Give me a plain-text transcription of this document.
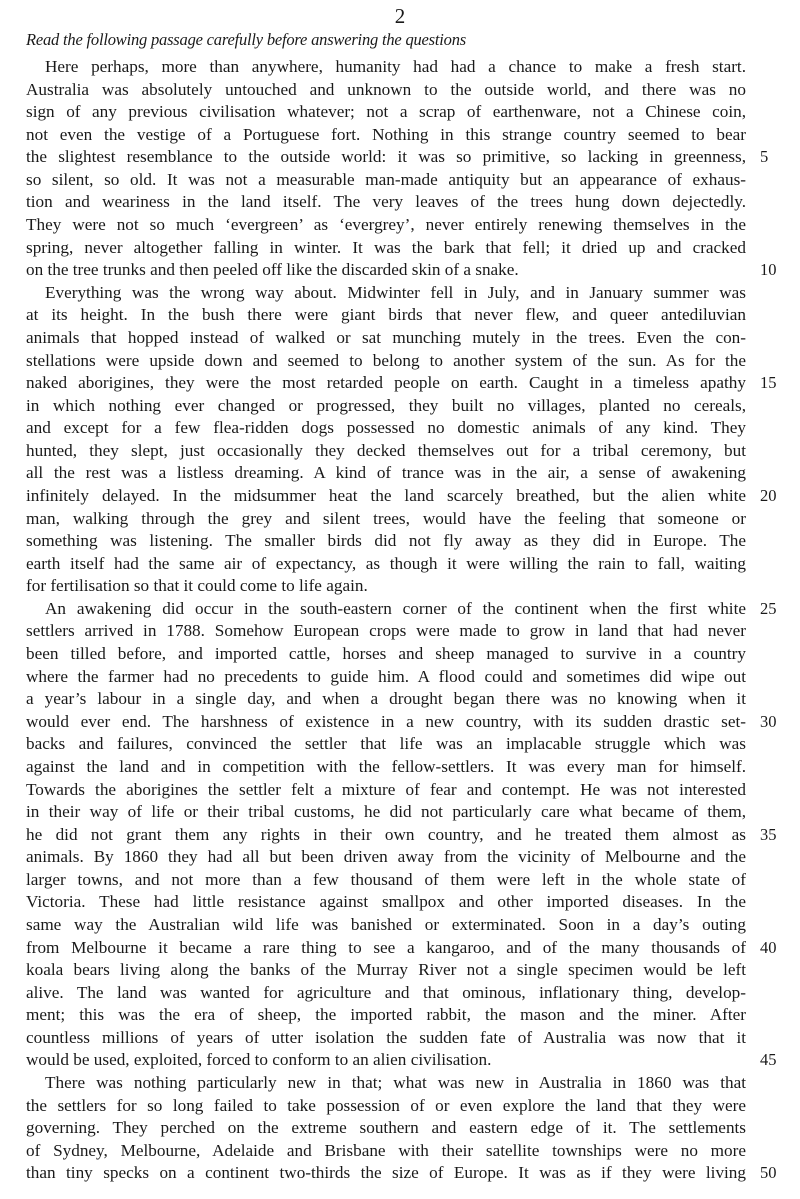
2
Read the following passage carefully before answering the questions
Here perhaps, more than anywhere, humanity had had a chance to make a fresh start.
Australia was absolutely untouched and unknown to the outside world, and there was no
sign of any previous civilisation whatever; not a scrap of earthenware, not a Chinese coin,
not even the vestige of a Portuguese fort. Nothing in this strange country seemed to bear
the slightest resemblance to the outside world: it was so primitive, so lacking in greenness, 5
so silent, so old. It was not a measurable man-made antiquity but an appearance of exhaus-
tion and weariness in the land itself. The very leaves of the trees hung down dejectedly.
They were not so much ‘evergreen’ as ‘evergrey’, never entirely renewing themselves in the
spring, never altogether falling in winter. It was the bark that fell; it dried up and cracked
on the tree trunks and then peeled off like the discarded skin of a snake.	10
Everything was the wrong way about. Midwinter fell in July, and in January summer was
at its height. In the bush there were giant birds that never flew, and queer antediluvian
animals that hopped instead of walked or sat munching mutely in the trees. Even the con-
stellations were upside down and seemed to belong to another system of the sun. As for the
naked aborigines, they were the most retarded people on earth. Caught in a timeless apathy 15
in which nothing ever changed or progressed, they built no villages, planted no cereals,
and except for a few flea-ridden dogs possessed no domestic animals of any kind. They
hunted, they slept, just occasionally they decked themselves out for a tribal ceremony, but
all the rest was a listless dreaming. A kind of trance was in the air, a sense of awakening
infinitely delayed. In the midsummer heat the land scarcely breathed, but the alien white 20
man, walking through the grey and silent trees, would have the feeling that someone or
something was listening. The smaller birds did not fly away as they did in Europe. The
earth itself had the same air of expectancy, as though it were willing the rain to fall, waiting
for fertilisation so that it could come to life again.
An awakening did occur in the south-eastern corner of the continent when the first white 25
settlers arrived in 1788. Somehow European crops were made to grow in land that had never
been tilled before, and imported cattle, horses and sheep managed to survive in a country
where the farmer had no precedents to guide him. A flood could and sometimes did wipe out
a year’s labour in a single day, and when a drought began there was no knowing when it
would ever end. The harshness of existence in a new country, with its sudden drastic set- 30
backs and failures, convinced the settler that life was an implacable struggle which was
against the land and in competition with the fellow-settlers. It was every man for himself.
Towards the aborigines the settler felt a mixture of fear and contempt. He was not interested
in their way of life or their tribal customs, he did not particularly care what became of them,
he did not grant them any rights in their own country, and he treated them almost as 35
animals. By 1860 they had all but been driven away from the vicinity of Melbourne and the
larger towns, and not more than a few thousand of them were left in the whole state of
Victoria. These had little resistance against smallpox and other imported diseases. In the
same way the Australian wild life was banished or exterminated. Soon in a day’s outing
from Melbourne it became a rare thing to see a kangaroo, and of the many thousands of 40
koala bears living along the banks of the Murray River not a single specimen would be left
alive. The land was wanted for agriculture and that ominous, inflationary thing, develop-
ment; this was the era of sheep, the imported rabbit, the mason and the miner. After
countless millions of years of utter isolation the sudden fate of Australia was now that it
would be used, exploited, forced to conform to an alien civilisation.	45
There was nothing particularly new in that; what was new in Australia in 1860 was that
the settlers for so long failed to take possession of or even explore the land that they were
governing. They perched on the extreme southern and eastern edge of it. The settlements
of Sydney, Melbourne, Adelaide and Brisbane with their satellite townships were no more
than tiny specks on a continent two-thirds the size of Europe. It was as if they were living 50
